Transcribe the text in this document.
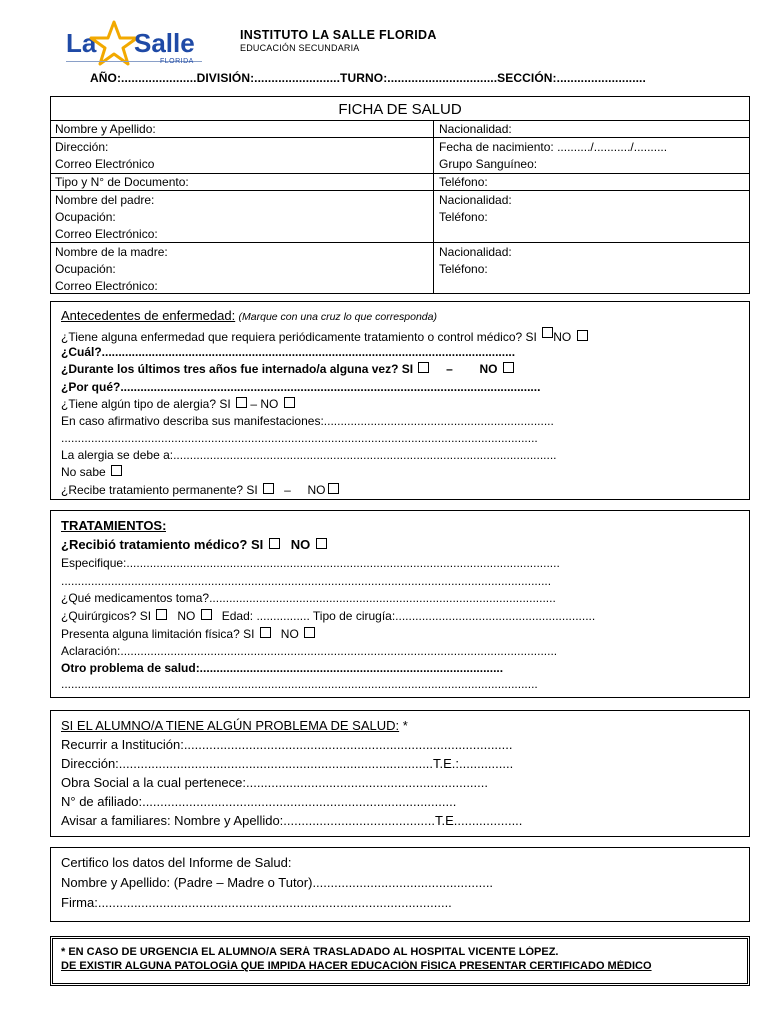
La Salle
FLORIDA
INSTITUTO LA SALLE FLORIDA
EDUCACIÓN SECUNDARIA
AÑO:......................DIVISIÓN:.........................TURNO:................................SECCIÓN:..........................
FICHA DE SALUD
Nombre y Apellido:
Dirección:
Correo Electrónico
Tipo y N° de Documento:
Nombre del padre:
Ocupación:
Correo Electrónico:
Nombre de la madre:
Ocupación:
Correo Electrónico:
Nacionalidad:
Fecha de nacimiento: ........../.........../..........
Grupo Sanguíneo:
Teléfono:
Nacionalidad:
Teléfono:
Nacionalidad:
Teléfono:
Antecedentes de enfermedad: (Marque con una cruz lo que corresponda)
¿Tiene alguna enfermedad que requiera periódicamente tratamiento o control médico? SI NO
¿Cuál?............................................................................................................................
¿Durante los últimos tres años fue internado/a alguna vez? SI	– NO
¿Por qué?..............................................................................................................................
¿Tiene algún tipo de alergia? SI – NO
En caso afirmativo describa sus manifestaciones:.....................................................................
...............................................................................................................................................
La alergia se debe a:...................................................................................................................
No sabe
¿Recibe tratamiento permanente? SI – NO
TRATAMIENTOS:
¿Recibió tratamiento médico? SI NO
Especifique:..................................................................................................................................
...................................................................................................................................................
¿Qué medicamentos toma?........................................................................................................
¿Quirúrgicos? SI NO Edad: ................ Tipo de cirugía:............................................................
Presenta alguna limitación física? SI NO
Aclaración:...................................................................................................................................
Otro problema de salud:...........................................................................................
...............................................................................................................................................
SI EL ALUMNO/A TIENE ALGÚN PROBLEMA DE SALUD: *
Recurrir a Institución:...........................................................................................
Dirección:.......................................................................................T.E.:...............
Obra Social a la cual pertenece:...................................................................
N° de afiliado:.......................................................................................
Avisar a familiares: Nombre y Apellido:..........................................T.E...................
Certifico los datos del Informe de Salud:
Nombre y Apellido: (Padre – Madre o Tutor)..................................................
Firma:..................................................................................................
* EN CASO DE URGENCIA EL ALUMNO/A SERÁ TRASLADADO AL HOSPITAL VICENTE LÓPEZ.
DE EXISTIR ALGUNA PATOLOGÍA QUE IMPIDA HACER EDUCACIÓN FÍSICA PRESENTAR CERTIFICADO MÉDICO
